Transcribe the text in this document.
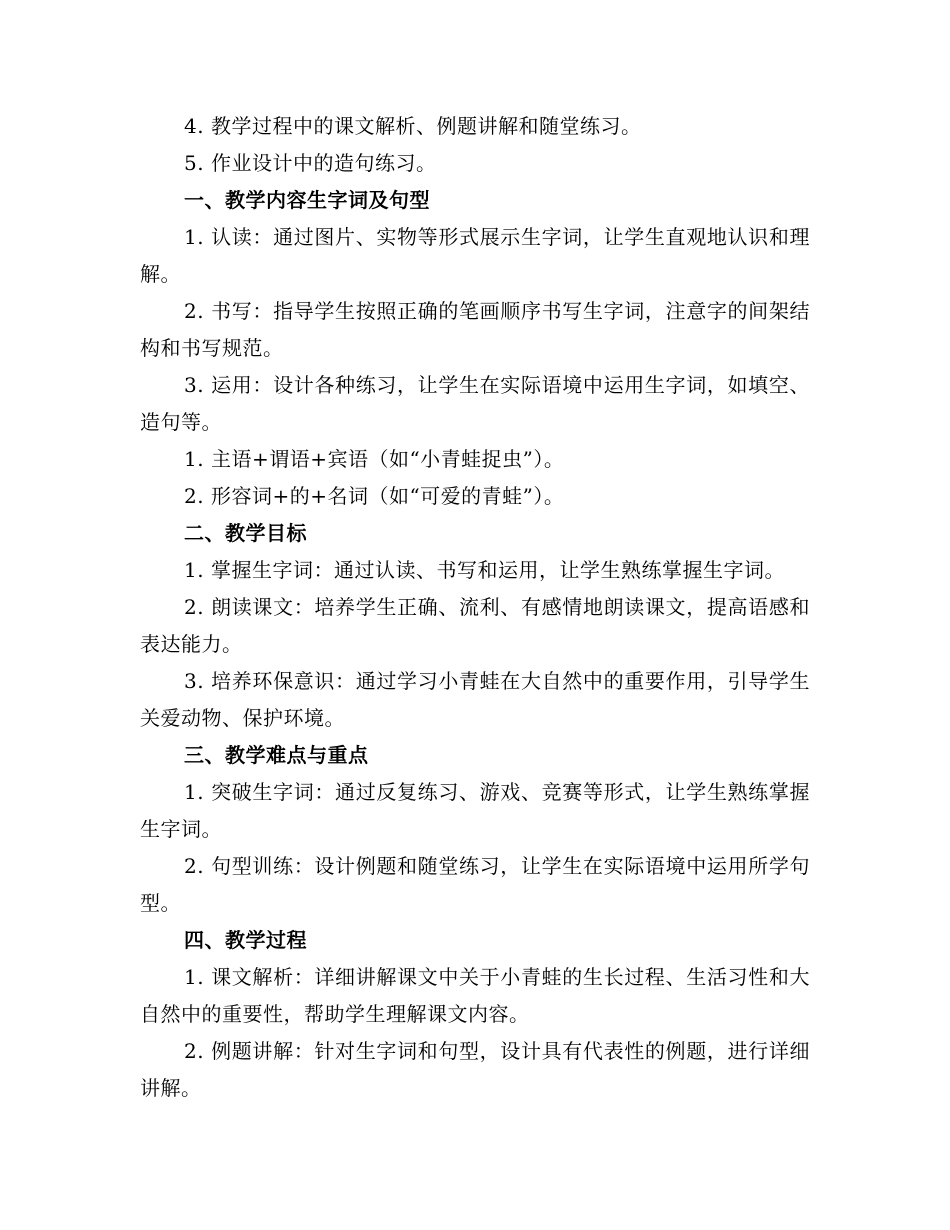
4. 教学过程中的课文解析、例题讲解和随堂练习。

5. 作业设计中的造句练习。

一、教学内容生字词及句型

1. 认读：通过图片、实物等形式展示生字词，让学生直观地认识和理解。

2. 书写：指导学生按照正确的笔画顺序书写生字词，注意字的间架结构和书写规范。

3. 运用：设计各种练习，让学生在实际语境中运用生字词，如填空、造句等。

1. 主语+谓语+宾语（如“小青蛙捉虫”）。

2. 形容词+的+名词（如“可爱的青蛙”）。

二、教学目标

1. 掌握生字词：通过认读、书写和运用，让学生熟练掌握生字词。

2. 朗读课文：培养学生正确、流利、有感情地朗读课文，提高语感和表达能力。

3. 培养环保意识：通过学习小青蛙在大自然中的重要作用，引导学生关爱动物、保护环境。

三、教学难点与重点

1. 突破生字词：通过反复练习、游戏、竞赛等形式，让学生熟练掌握生字词。

2. 句型训练：设计例题和随堂练习，让学生在实际语境中运用所学句型。

四、教学过程

1. 课文解析：详细讲解课文中关于小青蛙的生长过程、生活习性和大自然中的重要性，帮助学生理解课文内容。

2. 例题讲解：针对生字词和句型，设计具有代表性的例题，进行详细讲解。
